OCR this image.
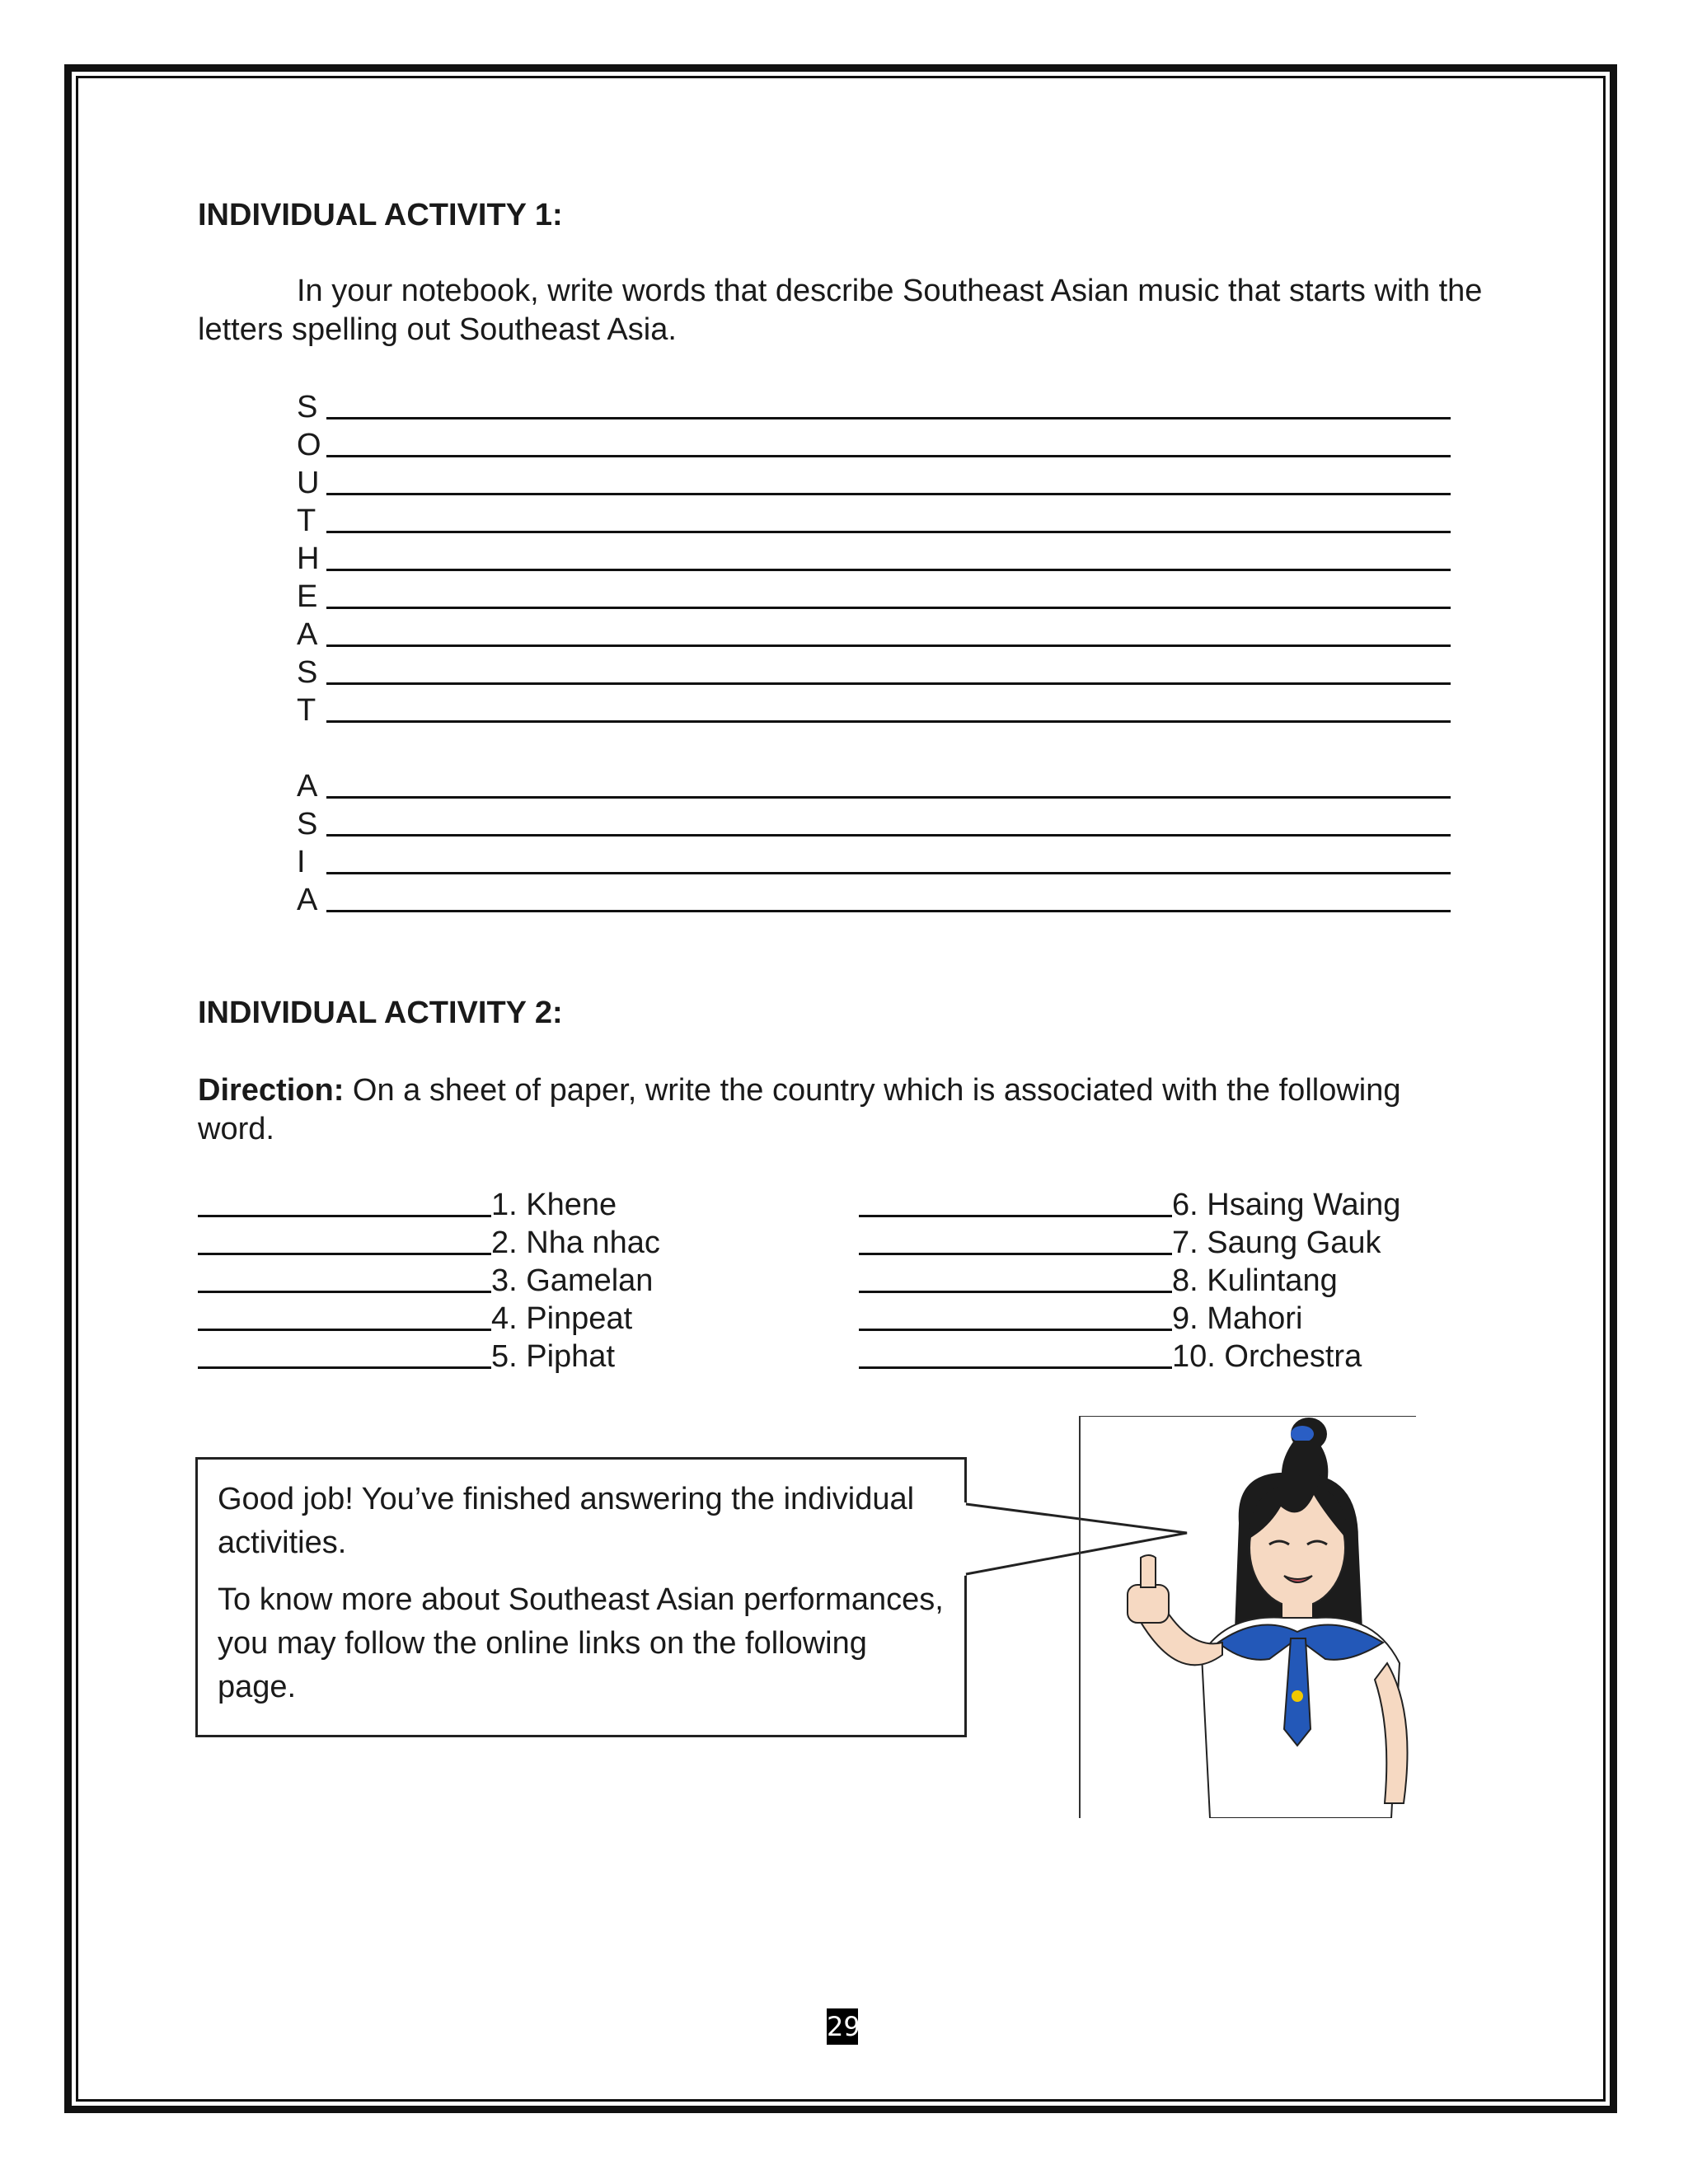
INDIVIDUAL ACTIVITY 1:

In your notebook, write words that describe Southeast Asian music that starts with the letters spelling out Southeast Asia.

S
O
U
T
H
E
A
S
T
A
S
I
A
INDIVIDUAL ACTIVITY 2:

Direction: On a sheet of paper, write the country which is associated with the following word.

1. Khene
2. Nha nhac
3. Gamelan
4. Pinpeat
5. Piphat
6. Hsaing Waing
7. Saung Gauk
8. Kulintang
9. Mahori
10. Orchestra

Good job! You’ve finished answering the individual activities.

To know more about Southeast Asian performances, you may follow the online links on the following page.

29
